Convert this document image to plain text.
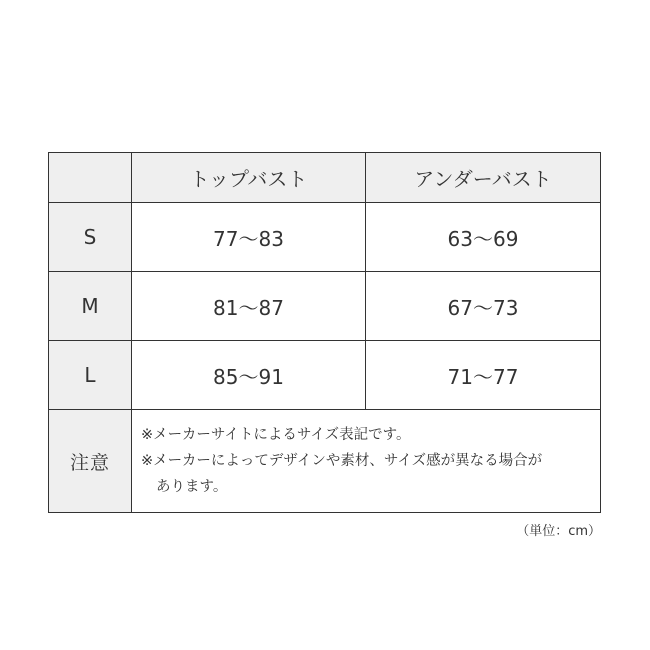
	トップバスト	アンダーバスト
S	77〜83	63〜69
M	81〜87	67〜73
L	85〜91	71〜77
注意	※メーカーサイトによるサイズ表記です。
※メーカーによってデザインや素材、サイズ感が異なる場合が
あります。	
（単位：cm）
